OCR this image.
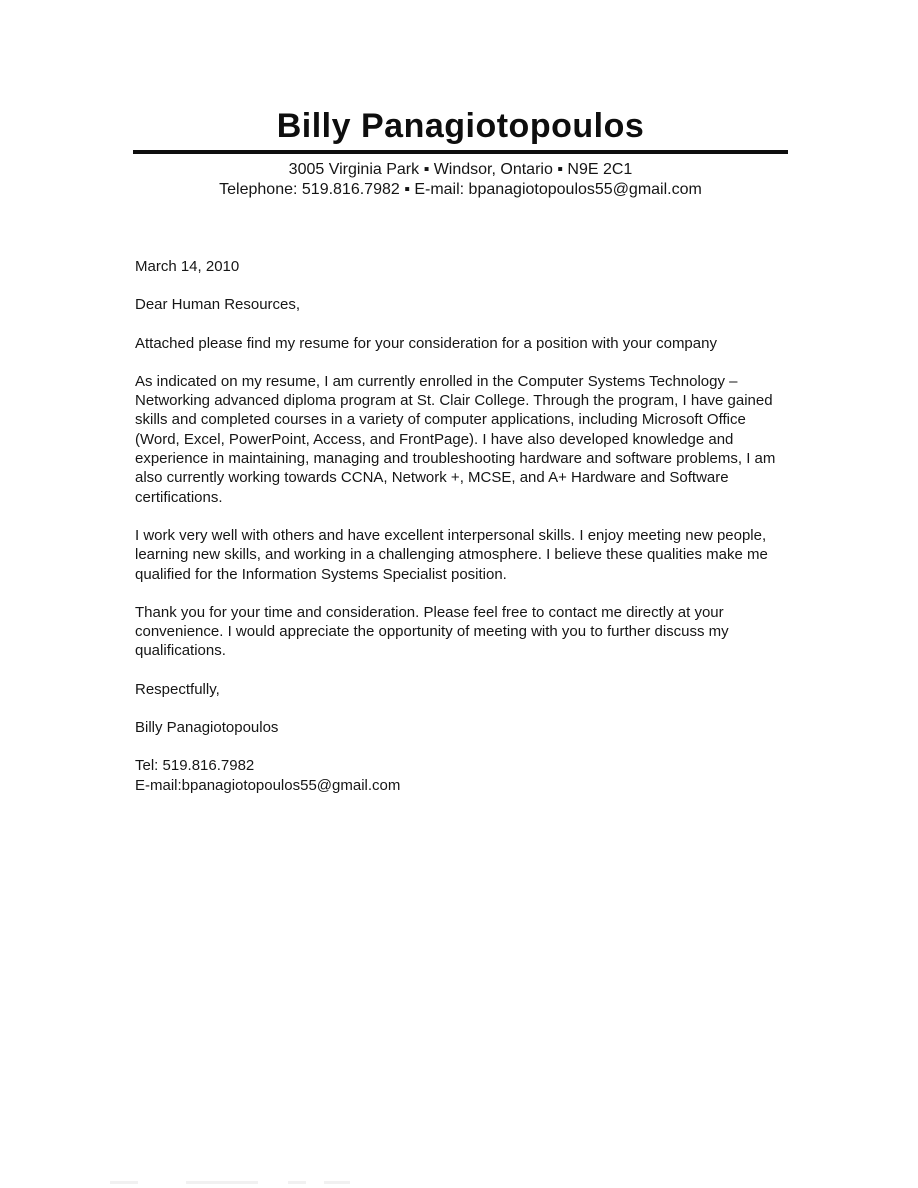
Billy Panagiotopoulos
3005 Virginia Park ▪ Windsor, Ontario ▪ N9E 2C1
Telephone: 519.816.7982 ▪ E-mail: bpanagiotopoulos55@gmail.com

March 14, 2010

Dear Human Resources,

Attached please find my resume for your consideration for a position with your company

As indicated on my resume, I am currently enrolled in the Computer Systems Technology – Networking advanced diploma program at St. Clair College. Through the program, I have gained skills and completed courses in a variety of computer applications, including Microsoft Office (Word, Excel, PowerPoint, Access, and FrontPage). I have also developed knowledge and experience in maintaining, managing and troubleshooting hardware and software problems, I am also currently working towards CCNA, Network +, MCSE, and A+ Hardware and Software certifications.

I work very well with others and have excellent interpersonal skills. I enjoy meeting new people, learning new skills, and working in a challenging atmosphere. I believe these qualities make me qualified for the Information Systems Specialist position.

Thank you for your time and consideration. Please feel free to contact me directly at your convenience. I would appreciate the opportunity of meeting with you to further discuss my qualifications.

Respectfully,

Billy Panagiotopoulos

Tel: 519.816.7982
E-mail:bpanagiotopoulos55@gmail.com
